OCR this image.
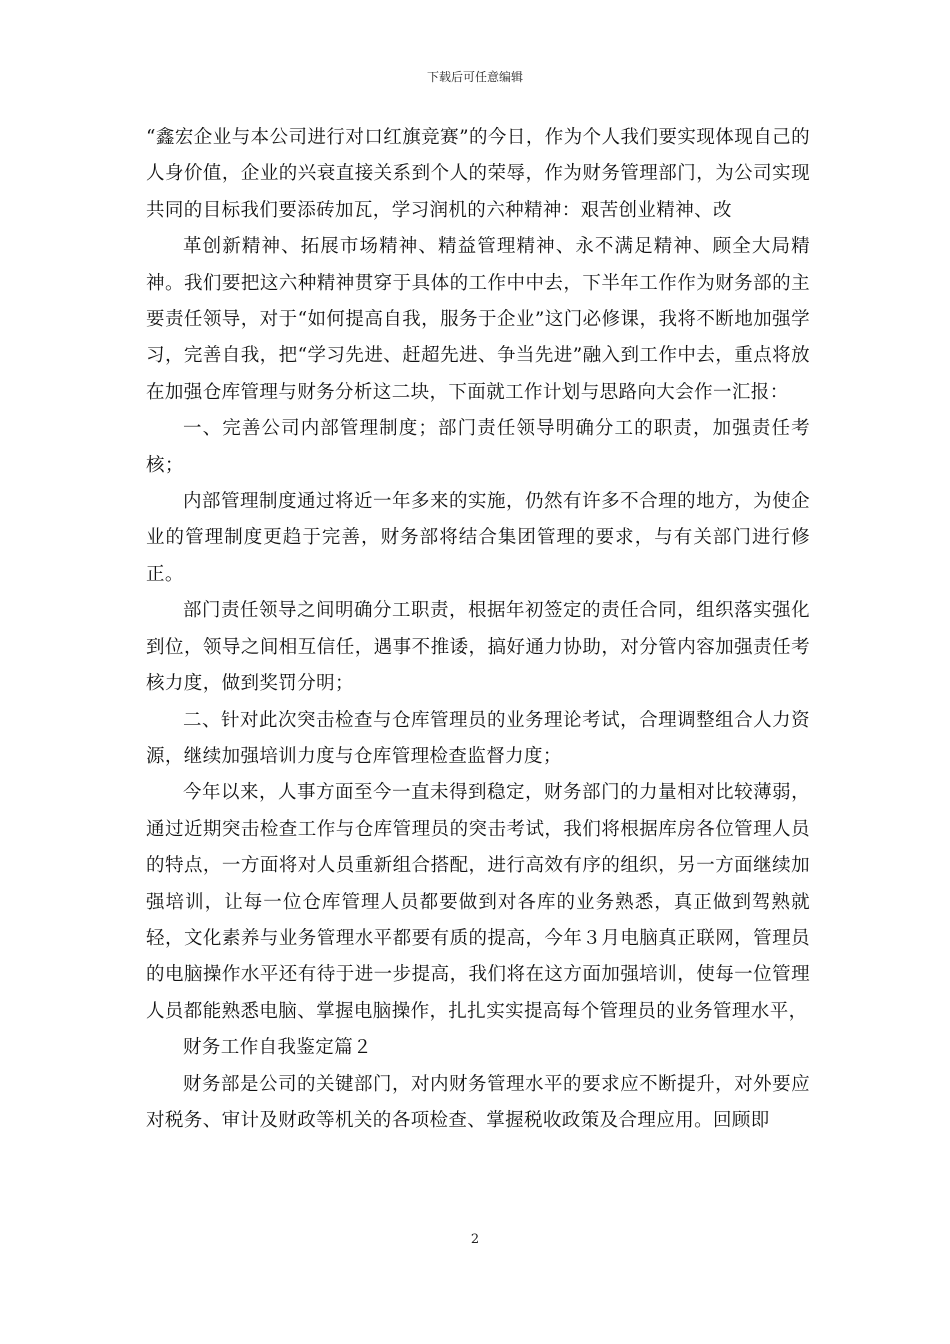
下载后可任意编辑

“鑫宏企业与本公司进行对口红旗竞赛”的今日，作为个人我们要实现体现自己的人身价值，企业的兴衰直接关系到个人的荣辱，作为财务管理部门，为公司实现共同的目标我们要添砖加瓦，学习润机的六种精神：艰苦创业精神、改

革创新精神、拓展市场精神、精益管理精神、永不满足精神、顾全大局精神。我们要把这六种精神贯穿于具体的工作中中去，下半年工作作为财务部的主要责任领导，对于“如何提高自我，服务于企业”这门必修课，我将不断地加强学习，完善自我，把“学习先进、赶超先进、争当先进”融入到工作中去，重点将放在加强仓库管理与财务分析这二块，下面就工作计划与思路向大会作一汇报：

一、完善公司内部管理制度；部门责任领导明确分工的职责，加强责任考核；

内部管理制度通过将近一年多来的实施，仍然有许多不合理的地方，为使企业的管理制度更趋于完善，财务部将结合集团管理的要求，与有关部门进行修正。

部门责任领导之间明确分工职责，根据年初签定的责任合同，组织落实强化到位，领导之间相互信任，遇事不推诿，搞好通力协助，对分管内容加强责任考核力度，做到奖罚分明；

二、针对此次突击检查与仓库管理员的业务理论考试，合理调整组合人力资源，继续加强培训力度与仓库管理检查监督力度；

今年以来，人事方面至今一直未得到稳定，财务部门的力量相对比较薄弱，通过近期突击检查工作与仓库管理员的突击考试，我们将根据库房各位管理人员的特点，一方面将对人员重新组合搭配，进行高效有序的组织，另一方面继续加强培训，让每一位仓库管理人员都要做到对各库的业务熟悉，真正做到驾熟就轻，文化素养与业务管理水平都要有质的提高，今年３月电脑真正联网，管理员的电脑操作水平还有待于进一步提高，我们将在这方面加强培训，使每一位管理人员都能熟悉电脑、掌握电脑操作，扎扎实实提高每个管理员的业务管理水平，

财务工作自我鉴定篇２

财务部是公司的关键部门，对内财务管理水平的要求应不断提升，对外要应对税务、审计及财政等机关的各项检查、掌握税收政策及合理应用。回顾即

2
